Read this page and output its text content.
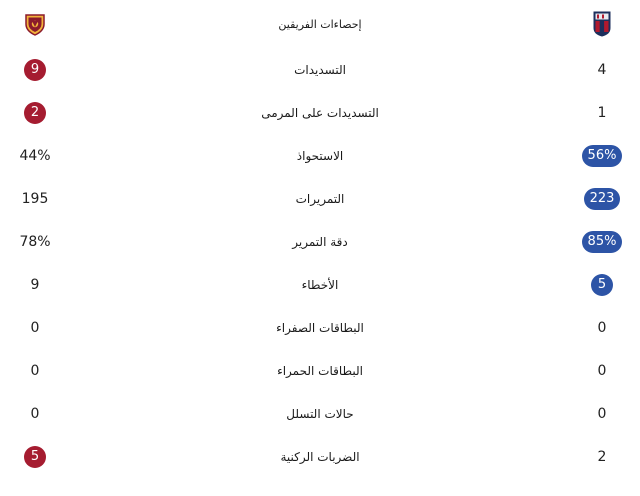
إحصاءات الفريقين
9	التسديدات	4
2	التسديدات على المرمى	1
44%	الاستحواذ	56%
195	التمريرات	223
78%	دقة التمرير	85%
9	الأخطاء	5
0	البطاقات الصفراء	0
0	البطاقات الحمراء	0
0	حالات التسلل	0
5	الضربات الركنية	2
